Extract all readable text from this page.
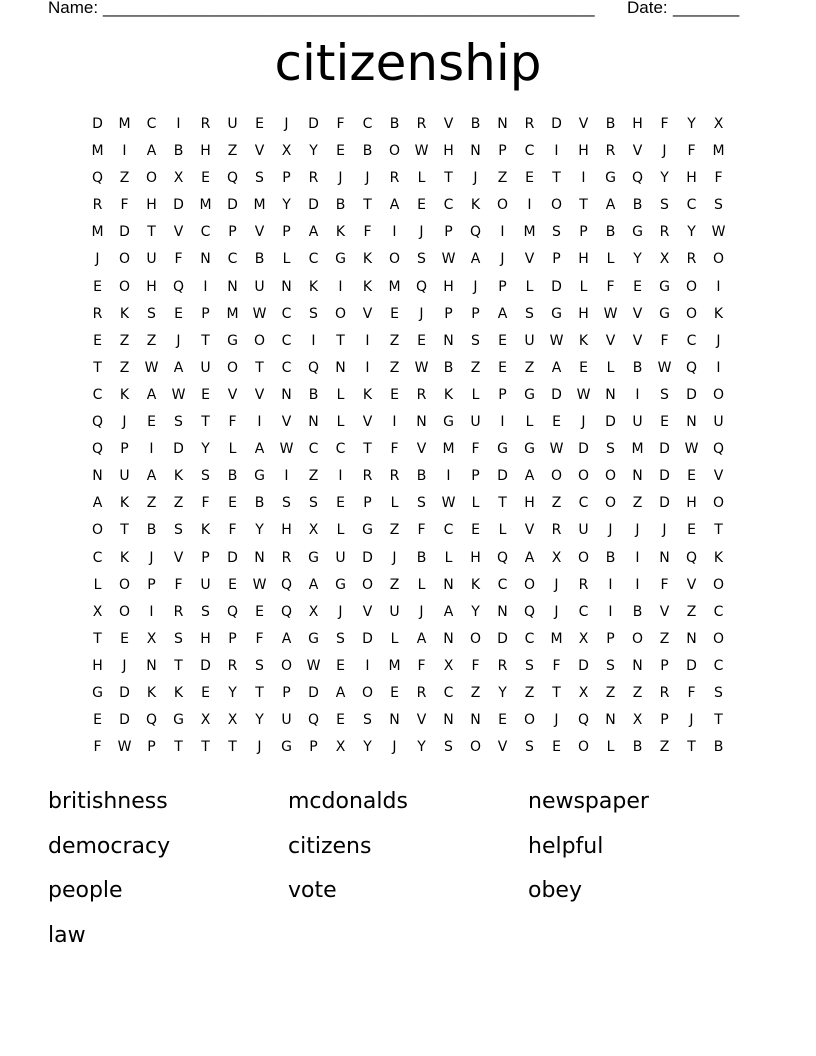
Name: ____________________________________________________ Date: _______
citizenship
D	M	C	I	R	U	E	J	D	F	C	B	R	V	B	N	R	D	V	B	H	F	Y	X
M	I	A	B	H	Z	V	X	Y	E	B	O	W	H	N	P	C	I	H	R	V	J	F	M
Q	Z	O	X	E	Q	S	P	R	J	J	R	L	T	J	Z	E	T	I	G	Q	Y	H	F
R	F	H	D	M	D	M	Y	D	B	T	A	E	C	K	O	I	O	T	A	B	S	C	S
M	D	T	V	C	P	V	P	A	K	F	I	J	P	Q	I	M	S	P	B	G	R	Y	W
J	O	U	F	N	C	B	L	C	G	K	O	S	W	A	J	V	P	H	L	Y	X	R	O
E	O	H	Q	I	N	U	N	K	I	K	M	Q	H	J	P	L	D	L	F	E	G	O	I
R	K	S	E	P	M	W	C	S	O	V	E	J	P	P	A	S	G	H	W	V	G	O	K
E	Z	Z	J	T	G	O	C	I	T	I	Z	E	N	S	E	U	W	K	V	V	F	C	J
T	Z	W	A	U	O	T	C	Q	N	I	Z	W	B	Z	E	Z	A	E	L	B	W	Q	I
C	K	A	W	E	V	V	N	B	L	K	E	R	K	L	P	G	D	W	N	I	S	D	O
Q	J	E	S	T	F	I	V	N	L	V	I	N	G	U	I	L	E	J	D	U	E	N	U
Q	P	I	D	Y	L	A	W	C	C	T	F	V	M	F	G	G	W	D	S	M	D	W	Q
N	U	A	K	S	B	G	I	Z	I	R	R	B	I	P	D	A	O	O	O	N	D	E	V
A	K	Z	Z	F	E	B	S	S	E	P	L	S	W	L	T	H	Z	C	O	Z	D	H	O
O	T	B	S	K	F	Y	H	X	L	G	Z	F	C	E	L	V	R	U	J	J	J	E	T
C	K	J	V	P	D	N	R	G	U	D	J	B	L	H	Q	A	X	O	B	I	N	Q	K
L	O	P	F	U	E	W	Q	A	G	O	Z	L	N	K	C	O	J	R	I	I	F	V	O
X	O	I	R	S	Q	E	Q	X	J	V	U	J	A	Y	N	Q	J	C	I	B	V	Z	C
T	E	X	S	H	P	F	A	G	S	D	L	A	N	O	D	C	M	X	P	O	Z	N	O
H	J	N	T	D	R	S	O	W	E	I	M	F	X	F	R	S	F	D	S	N	P	D	C
G	D	K	K	E	Y	T	P	D	A	O	E	R	C	Z	Y	Z	T	X	Z	Z	R	F	S
E	D	Q	G	X	X	Y	U	Q	E	S	N	V	N	N	E	O	J	Q	N	X	P	J	T
F	W	P	T	T	T	J	G	P	X	Y	J	Y	S	O	V	S	E	O	L	B	Z	T	B
britishness	mcdonalds	newspaper
democracy	citizens	helpful
people	vote	obey
law
